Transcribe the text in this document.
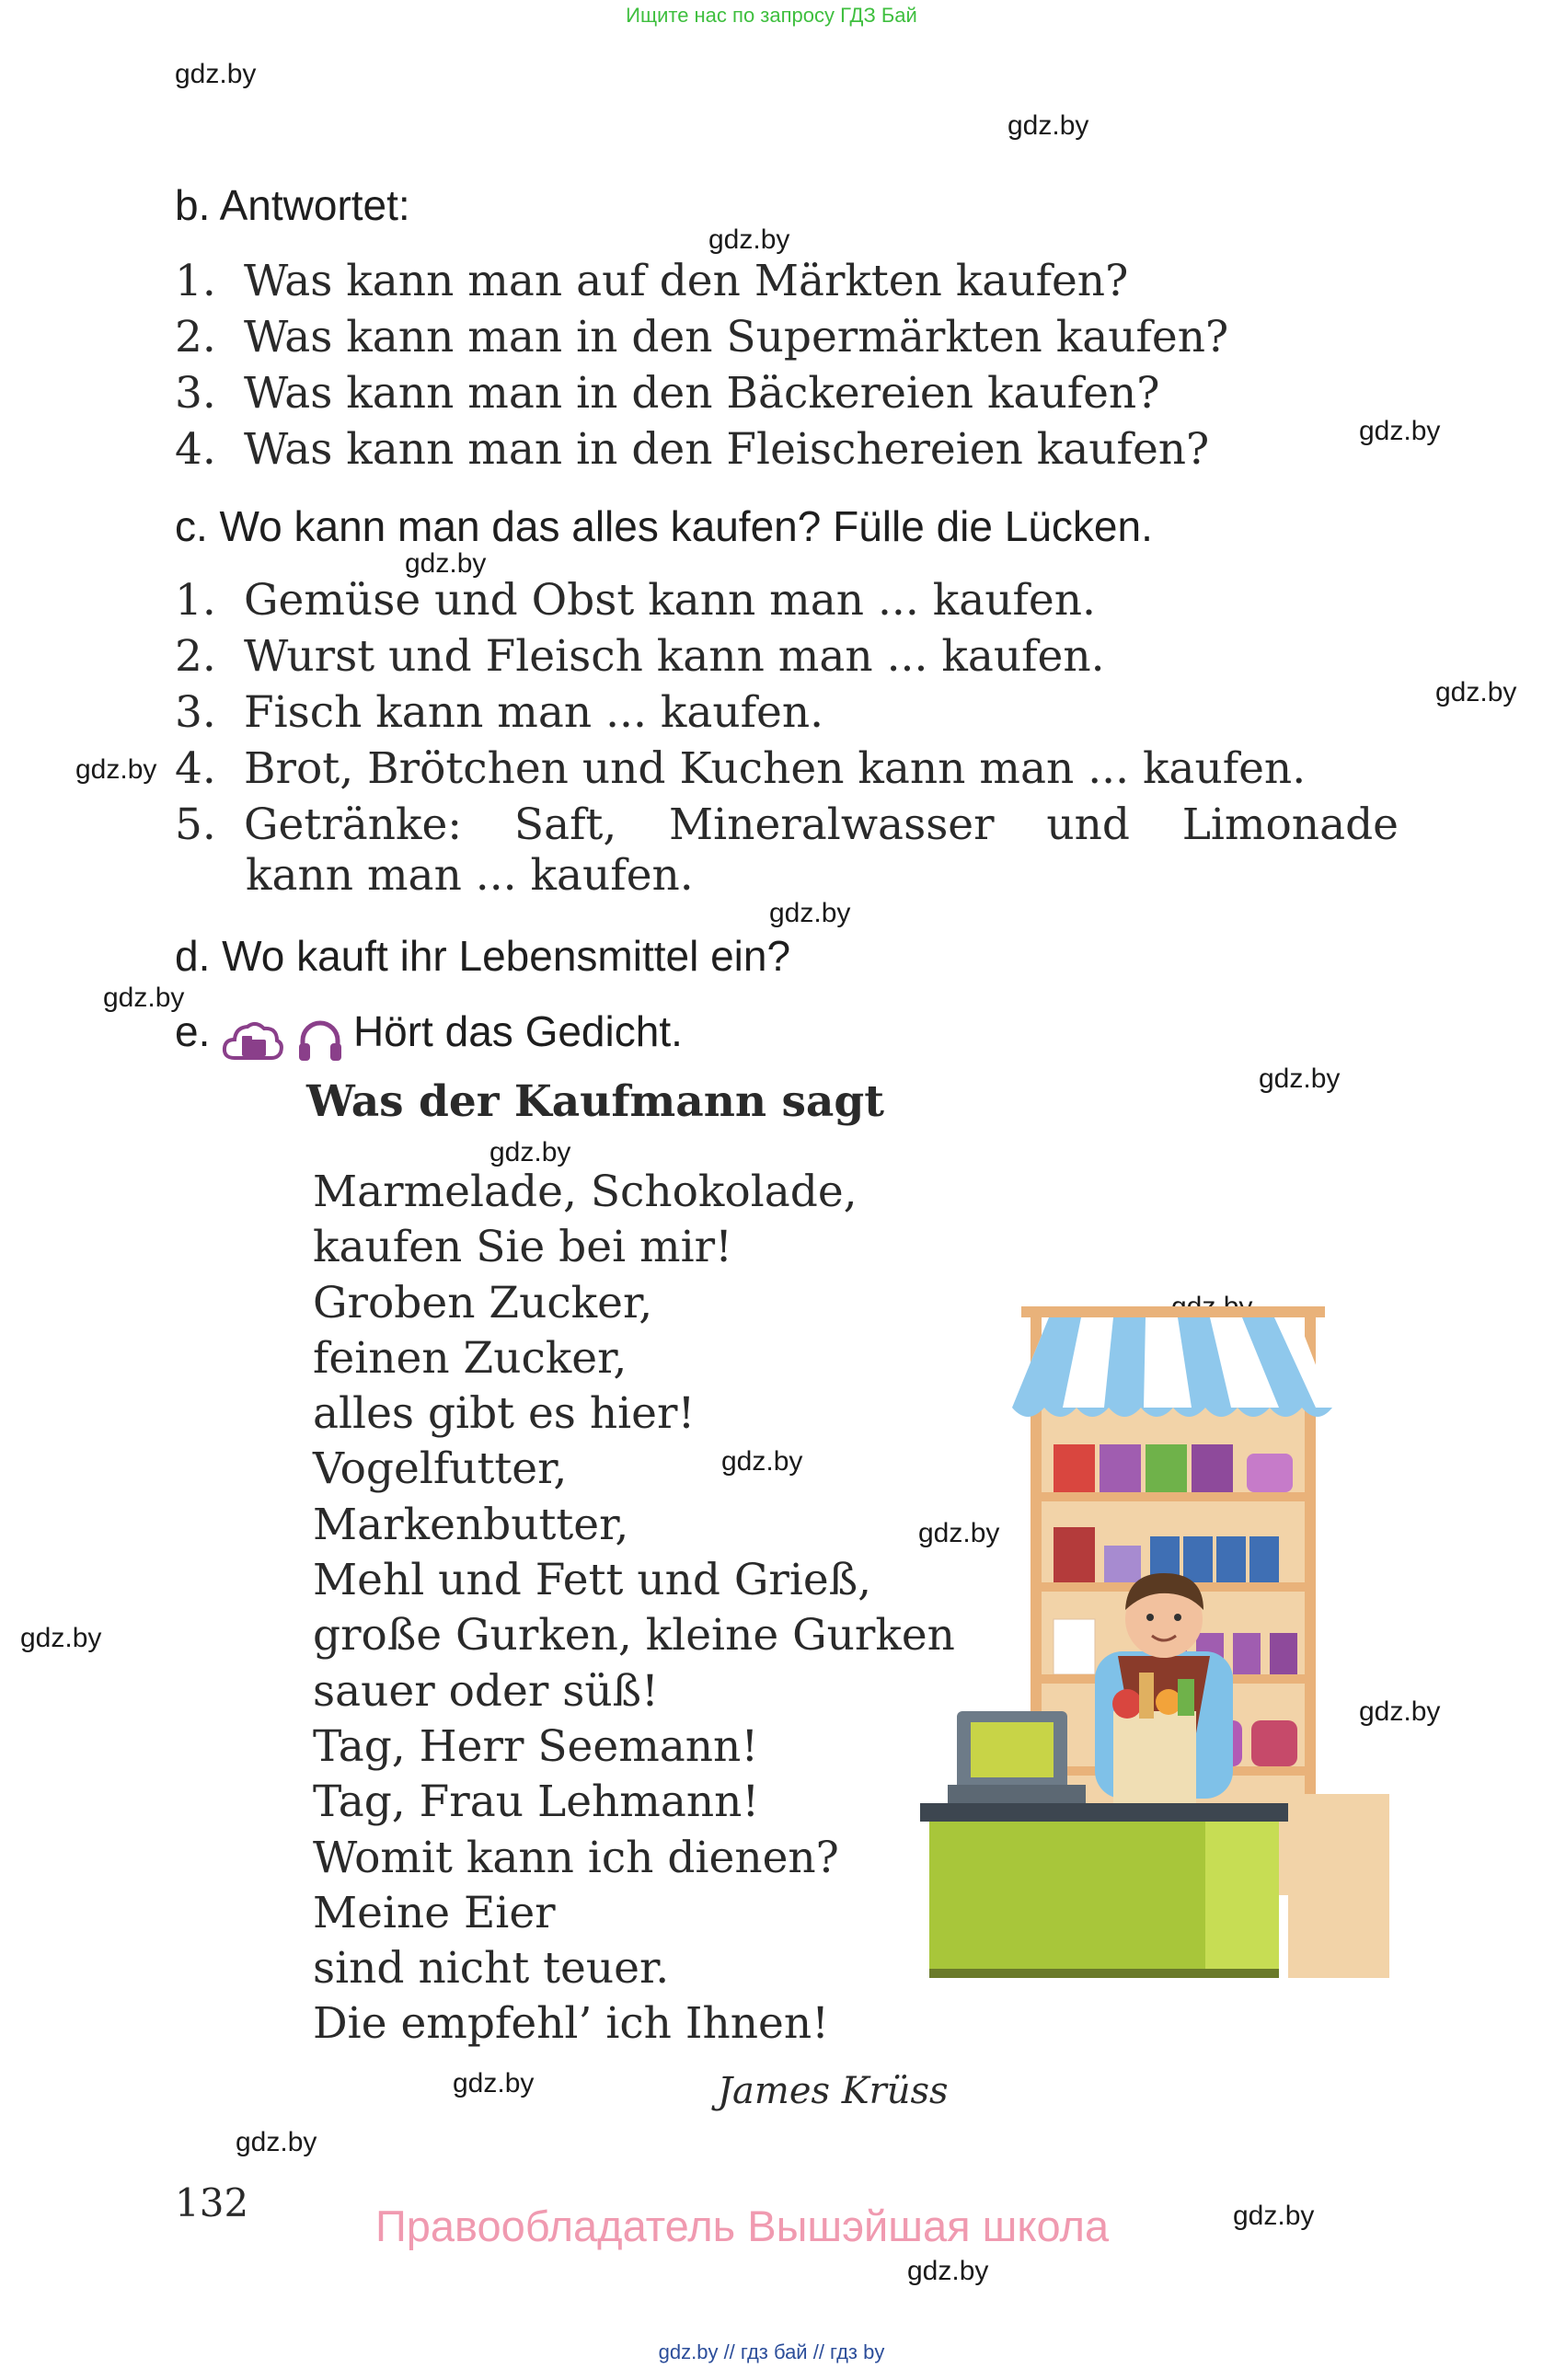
Ищите нас по запросу ГДЗ Бай
gdz.by
gdz.by
gdz.by
gdz.by
gdz.by
gdz.by
gdz.by
gdz.by
gdz.by
gdz.by
gdz.by
gdz.by
gdz.by
gdz.by
gdz.by
gdz.by
gdz.by
gdz.by
gdz.by
b. Antwortet:
1. Was kann man auf den Märkten kaufen?
2. Was kann man in den Supermärkten kaufen?
3. Was kann man in den Bäckereien kaufen?
4. Was kann man in den Fleischereien kaufen?
c. Wo kann man das alles kaufen? Fülle die Lücken.
1. Gemüse und Obst kann man ... kaufen.
2. Wurst und Fleisch kann man ... kaufen.
3. Fisch kann man ... kaufen.
4. Brot, Brötchen und Kuchen kann man ... kaufen.
5. Getränke: Saft, Mineralwasser und Limonade
kann man ... kaufen.
d. Wo kauft ihr Lebensmittel ein?
e.	Hört das Gedicht.
Was der Kaufmann sagt
Marmelade, Schokolade,
kaufen Sie bei mir!
Groben Zucker,
feinen Zucker,
alles gibt es hier!
Vogelfutter,
Markenbutter,
Mehl und Fett und Grieß,
große Gurken, kleine Gurken
sauer oder süß!
Tag, Herr Seemann!
Tag, Frau Lehmann!
Womit kann ich dienen?
Meine Eier
sind nicht teuer.
Die empfehl’ ich Ihnen!
James Krüss
132	Правообладатель Вышэйшая школа
gdz.by // гдз бай // гдз by
